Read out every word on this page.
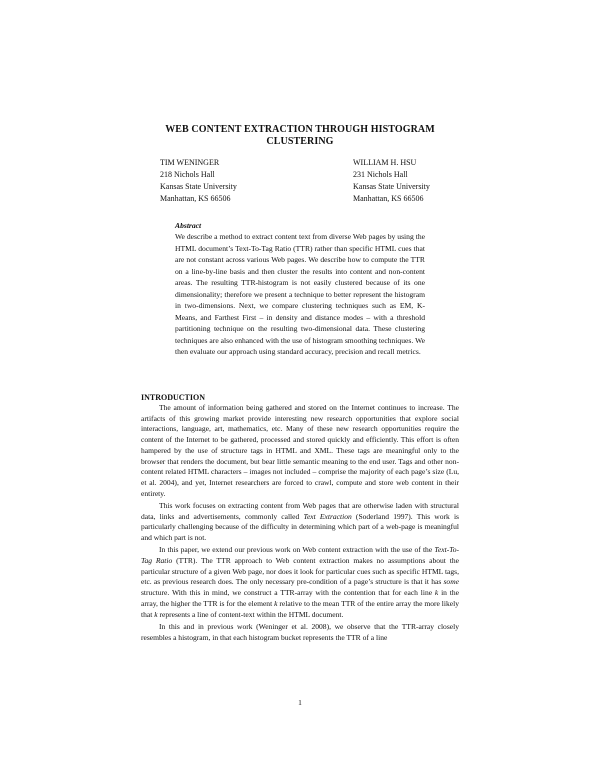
WEB CONTENT EXTRACTION THROUGH HISTOGRAM
CLUSTERING
TIM WENINGER
218 Nichols Hall
Kansas State University
Manhattan, KS 66506
WILLIAM H. HSU
231 Nichols Hall
Kansas State University
Manhattan, KS 66506
Abstract
We describe a method to extract content text from diverse Web pages by using the HTML document’s Text-To-Tag Ratio (TTR) rather than specific HTML cues that are not constant across various Web pages. We describe how to compute the TTR on a line-by-line basis and then cluster the results into content and non-content areas. The resulting TTR-histogram is not easily clustered because of its one dimensionality; therefore we present a technique to better represent the histogram in two-dimensions. Next, we compare clustering techniques such as EM, K-Means, and Farthest First – in density and distance modes – with a threshold partitioning technique on the resulting two-dimensional data. These clustering techniques are also enhanced with the use of histogram smoothing techniques. We then evaluate our approach using standard accuracy, precision and recall metrics.
INTRODUCTION

The amount of information being gathered and stored on the Internet continues to increase. The artifacts of this growing market provide interesting new research opportunities that explore social interactions, language, art, mathematics, etc. Many of these new research opportunities require the content of the Internet to be gathered, processed and stored quickly and efficiently. This effort is often hampered by the use of structure tags in HTML and XML. These tags are meaningful only to the browser that renders the document, but bear little semantic meaning to the end user. Tags and other non-content related HTML characters – images not included – comprise the majority of each page’s size (Lu, et al. 2004), and yet, Internet researchers are forced to crawl, compute and store web content in their entirety.

This work focuses on extracting content from Web pages that are otherwise laden with structural data, links and advertisements, commonly called Text Extraction (Soderland 1997). This work is particularly challenging because of the difficulty in determining which part of a web-page is meaningful and which part is not.

In this paper, we extend our previous work on Web content extraction with the use of the Text-To-Tag Ratio (TTR). The TTR approach to Web content extraction makes no assumptions about the particular structure of a given Web page, nor does it look for particular cues such as specific HTML tags, etc. as previous research does. The only necessary pre-condition of a page’s structure is that it has some structure. With this in mind, we construct a TTR-array with the contention that for each line k in the array, the higher the TTR is for the element k relative to the mean TTR of the entire array the more likely that k represents a line of content-text within the HTML document.

In this and in previous work (Weninger et al. 2008), we observe that the TTR-array closely resembles a histogram, in that each histogram bucket represents the TTR of a line

1
